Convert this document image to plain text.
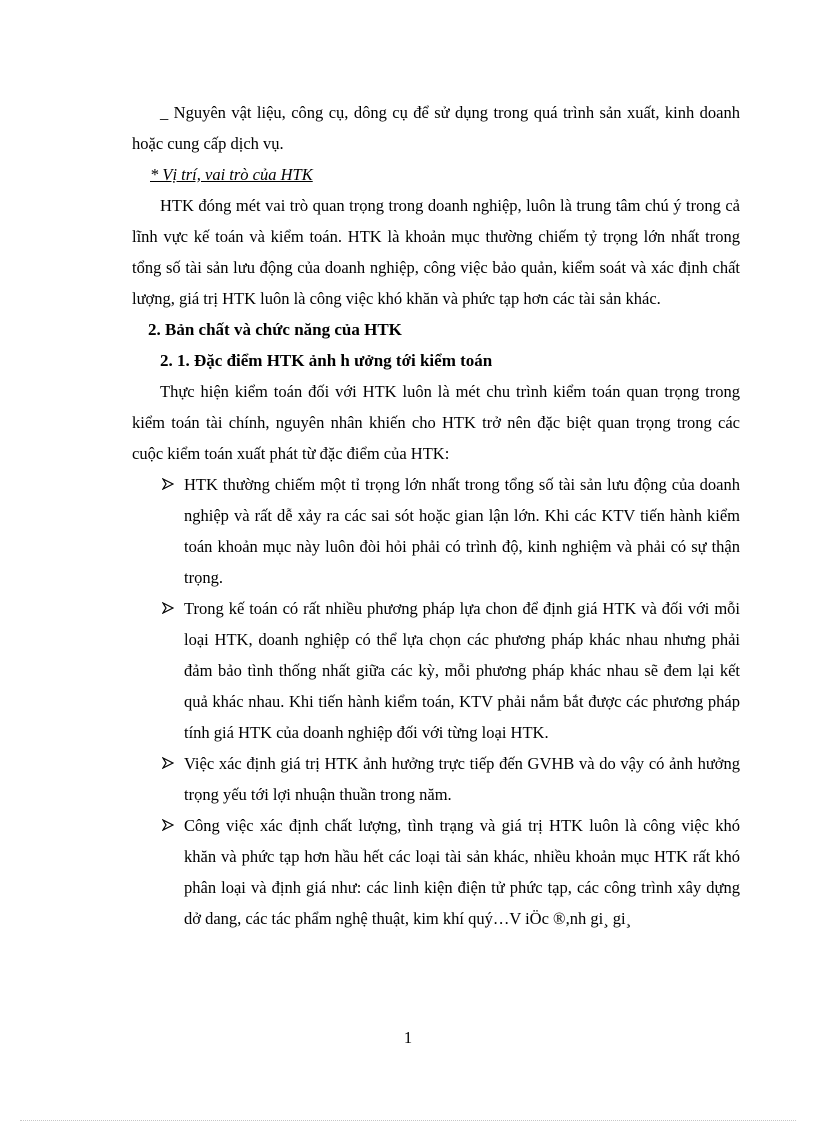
_ Nguyên vật liệu, công cụ, dông cụ để sử dụng trong quá trình sản xuất, kinh doanh hoặc cung cấp dịch vụ.

* Vị trí, vai trò của HTK

HTK đóng mét vai trò quan trọng trong doanh nghiệp, luôn là trung tâm chú ý trong cả lĩnh vực kế toán và kiểm toán. HTK là khoản mục thường chiếm tỷ trọng lớn nhất trong tổng số tài sản lưu động của doanh nghiệp, công việc bảo quản, kiểm soát và xác định chất lượng, giá trị HTK luôn là công việc khó khăn và phức tạp hơn các tài sản khác.

2. Bản chất và chức năng của HTK

2. 1. Đặc điểm HTK ảnh h ưởng tới kiểm toán

Thực hiện kiểm toán đối với HTK luôn là mét chu trình kiểm toán quan trọng trong kiểm toán tài chính, nguyên nhân khiến cho HTK trở nên đặc biệt quan trọng trong các cuộc kiểm toán xuất phát từ đặc điểm của HTK:

HTK thường chiếm một tỉ trọng lớn nhất trong tổng số tài sản lưu động của doanh nghiệp và rất dễ xảy ra các sai sót hoặc gian lận lớn. Khi các KTV tiến hành kiểm toán khoản mục này luôn đòi hỏi phải có trình độ, kinh nghiệm và phải có sự thận trọng.
Trong kế toán có rất nhiều phương pháp lựa chon để định giá HTK và đối với mỗi loại HTK, doanh nghiệp có thể lựa chọn các phương pháp khác nhau nhưng phải đảm bảo tình thống nhất giữa các kỳ, mỗi phương pháp khác nhau sẽ đem lại kết quả khác nhau. Khi tiến hành kiểm toán, KTV phải nắm bắt được các phương pháp tính giá HTK của doanh nghiệp đối với từng loại HTK.
Việc xác định giá trị HTK ảnh hưởng trực tiếp đến GVHB và do vậy có ảnh hưởng trọng yếu tới lợi nhuận thuần trong năm.
Công việc xác định chất lượng, tình trạng và giá trị HTK luôn là công việc khó khăn và phức tạp hơn hầu hết các loại tài sản khác, nhiều khoản mục HTK rất khó phân loại và định giá như: các linh kiện điện tử phức tạp, các công trình xây dựng dở dang, các tác phẩm nghệ thuật, kim khí quý…V iÖc ®,nh gi¸ gi¸
1
